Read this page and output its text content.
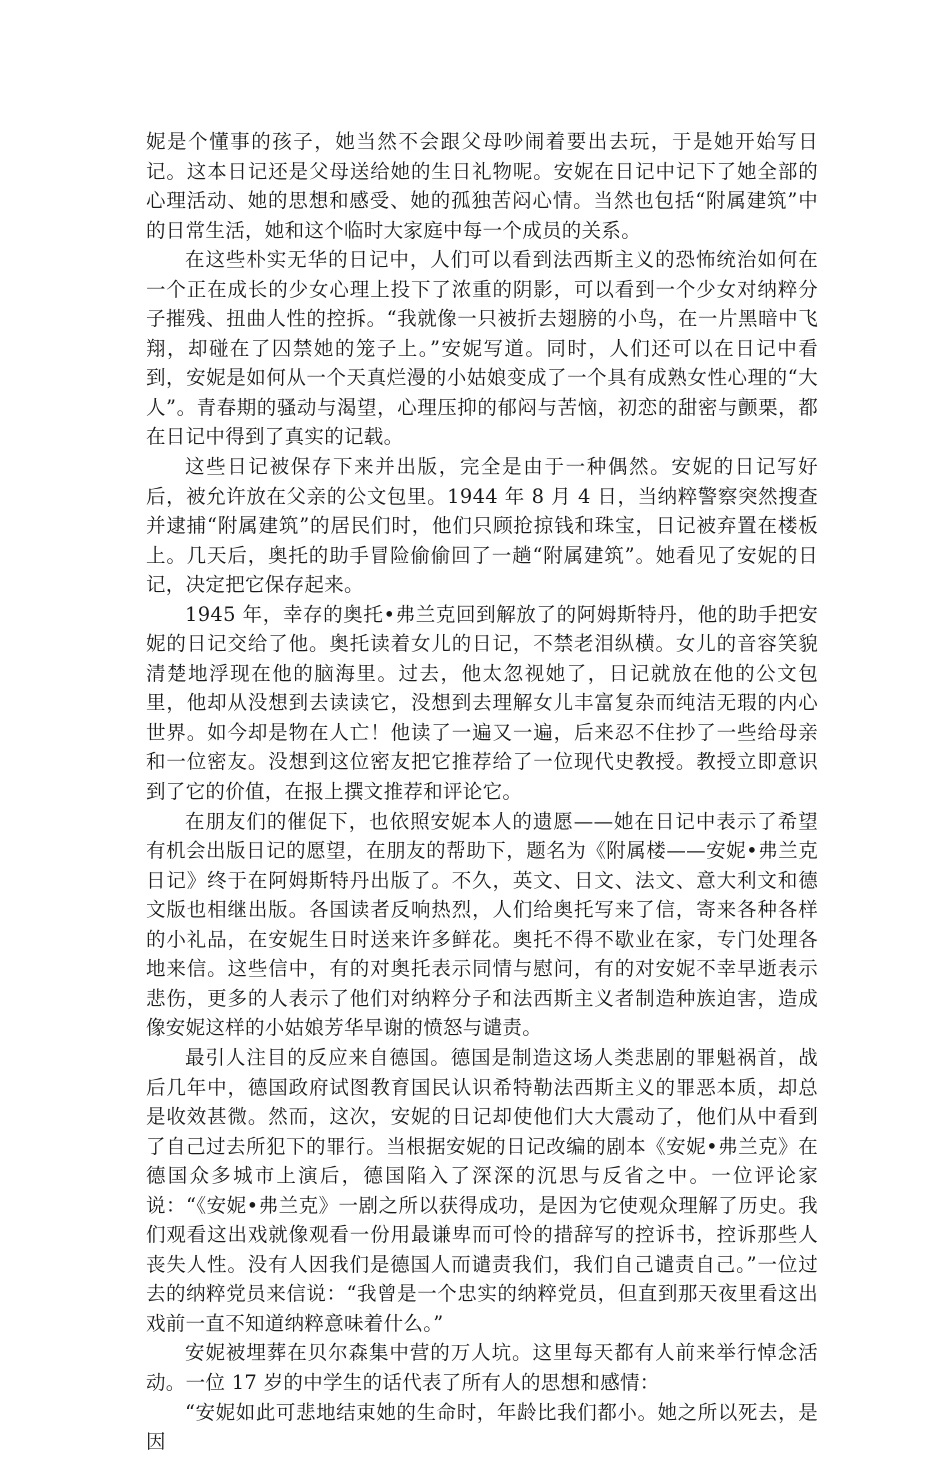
妮是个懂事的孩子，她当然不会跟父母吵闹着要出去玩，于是她开始写日记。这本日记还是父母送给她的生日礼物呢。安妮在日记中记下了她全部的心理活动、她的思想和感受、她的孤独苦闷心情。当然也包括“附属建筑”中的日常生活，她和这个临时大家庭中每一个成员的关系。

在这些朴实无华的日记中，人们可以看到法西斯主义的恐怖统治如何在一个正在成长的少女心理上投下了浓重的阴影，可以看到一个少女对纳粹分子摧残、扭曲人性的控拆。“我就像一只被折去翅膀的小鸟，在一片黑暗中飞翔，却碰在了囚禁她的笼子上。”安妮写道。同时，人们还可以在日记中看到，安妮是如何从一个天真烂漫的小姑娘变成了一个具有成熟女性心理的“大人”。青春期的骚动与渴望，心理压抑的郁闷与苦恼，初恋的甜密与颤栗，都在日记中得到了真实的记载。

这些日记被保存下来并出版，完全是由于一种偶然。安妮的日记写好后，被允许放在父亲的公文包里。1944 年 8 月 4 日，当纳粹警察突然搜查并逮捕“附属建筑”的居民们时，他们只顾抢掠钱和珠宝，日记被弃置在楼板上。几天后，奥托的助手冒险偷偷回了一趟“附属建筑”。她看见了安妮的日记，决定把它保存起来。

1945 年，幸存的奥托•弗兰克回到解放了的阿姆斯特丹，他的助手把安妮的日记交给了他。奥托读着女儿的日记，不禁老泪纵横。女儿的音容笑貌清楚地浮现在他的脑海里。过去，他太忽视她了，日记就放在他的公文包里，他却从没想到去读读它，没想到去理解女儿丰富复杂而纯洁无瑕的内心世界。如今却是物在人亡！他读了一遍又一遍，后来忍不住抄了一些给母亲和一位密友。没想到这位密友把它推荐给了一位现代史教授。教授立即意识到了它的价值，在报上撰文推荐和评论它。

在朋友们的催促下，也依照安妮本人的遗愿——她在日记中表示了希望有机会出版日记的愿望，在朋友的帮助下，题名为《附属楼——安妮•弗兰克日记》终于在阿姆斯特丹出版了。不久，英文、日文、法文、意大利文和德文版也相继出版。各国读者反响热烈，人们给奥托写来了信，寄来各种各样的小礼品，在安妮生日时送来许多鲜花。奥托不得不歇业在家，专门处理各地来信。这些信中，有的对奥托表示同情与慰问，有的对安妮不幸早逝表示悲伤，更多的人表示了他们对纳粹分子和法西斯主义者制造种族迫害，造成像安妮这样的小姑娘芳华早谢的愤怒与谴责。

最引人注目的反应来自德国。德国是制造这场人类悲剧的罪魁祸首，战后几年中，德国政府试图教育国民认识希特勒法西斯主义的罪恶本质，却总是收效甚微。然而，这次，安妮的日记却使他们大大震动了，他们从中看到了自己过去所犯下的罪行。当根据安妮的日记改编的剧本《安妮•弗兰克》在德国众多城市上演后，德国陷入了深深的沉思与反省之中。一位评论家说：“《安妮•弗兰克》一剧之所以获得成功，是因为它使观众理解了历史。我们观看这出戏就像观看一份用最谦卑而可怜的措辞写的控诉书，控诉那些人丧失人性。没有人因我们是德国人而谴责我们，我们自己谴责自己。”一位过去的纳粹党员来信说：“我曾是一个忠实的纳粹党员，但直到那天夜里看这出戏前一直不知道纳粹意味着什么。”

安妮被埋葬在贝尔森集中营的万人坑。这里每天都有人前来举行悼念活动。一位 17 岁的中学生的话代表了所有人的思想和感情：

“安妮如此可悲地结束她的生命时，年龄比我们都小。她之所以死去，是因
